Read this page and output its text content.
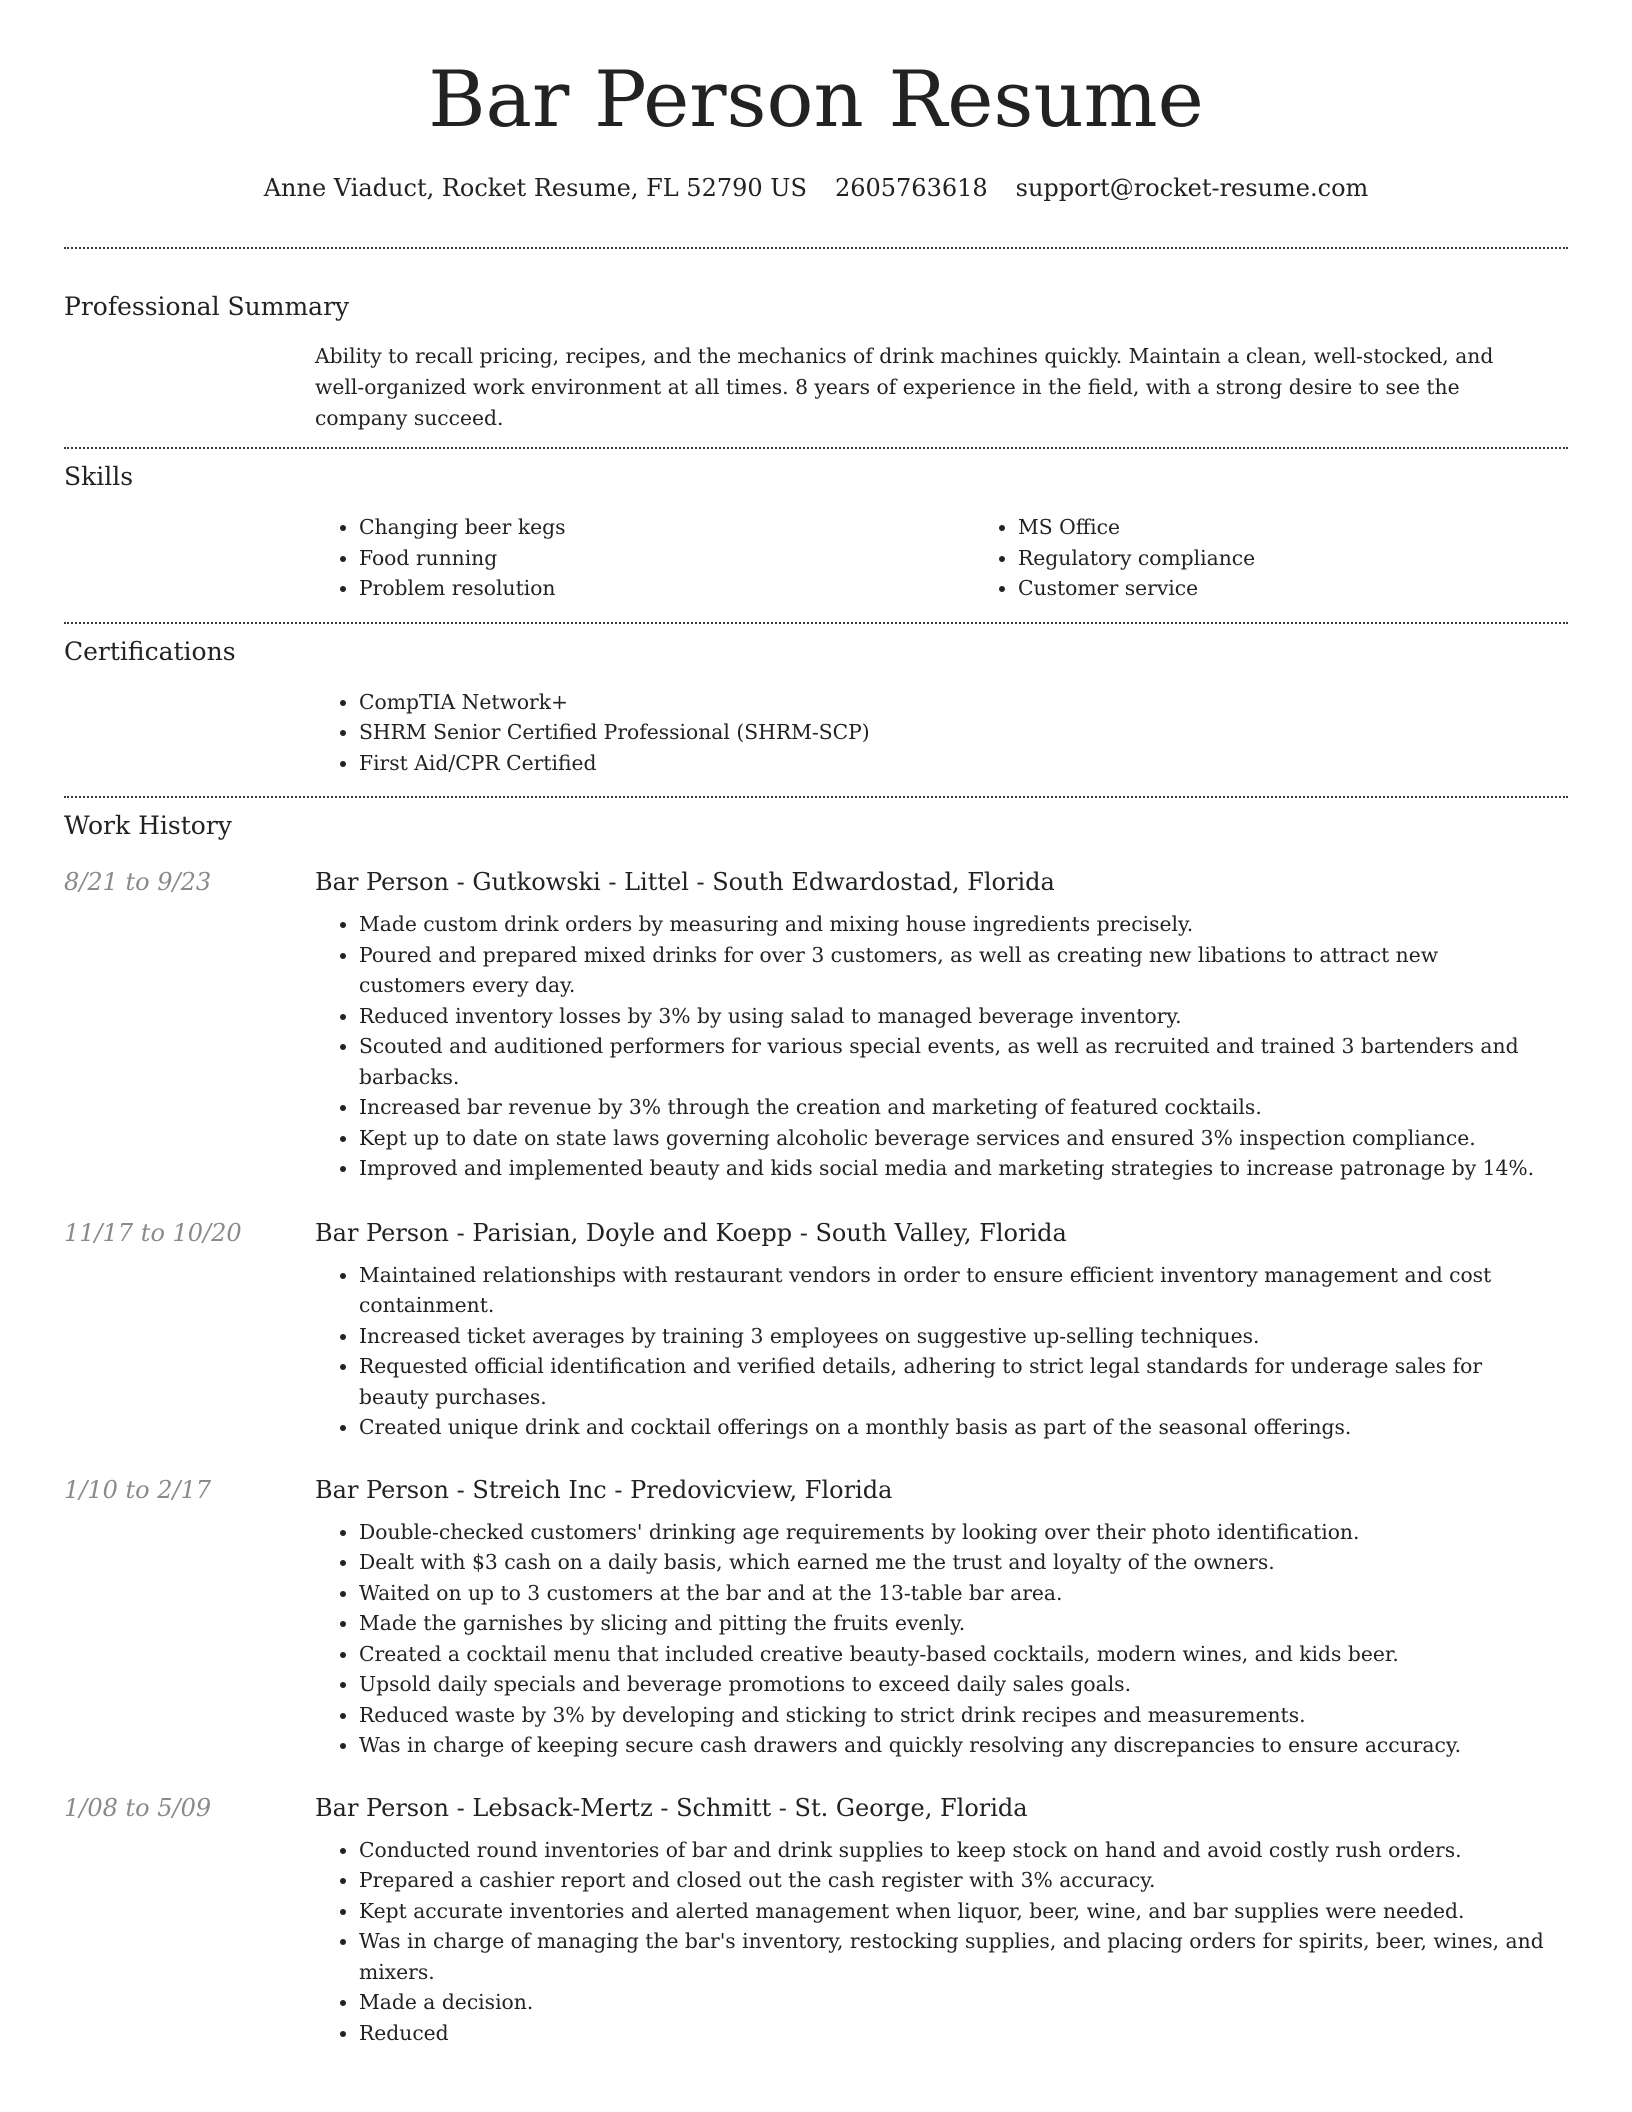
Bar Person Resume
Anne Viaduct, Rocket Resume, FL 52790 US 2605763618 support@rocket-resume.com
Professional Summary

Ability to recall pricing, recipes, and the mechanics of drink machines quickly. Maintain a clean, well-stocked, and well-organized work environment at all times. 8 years of experience in the field, with a strong desire to see the company succeed.

Skills
• Changing beer kegs
• Food running
• Problem resolution
• MS Office
• Regulatory compliance
• Customer service
Certifications
• CompTIA Network+
• SHRM Senior Certified Professional (SHRM-SCP)
• First Aid/CPR Certified
Work History
8/21 to 9/23	Bar Person - Gutkowski - Littel - South Edwardostad, Florida
• Made custom drink orders by measuring and mixing house ingredients precisely.
• Poured and prepared mixed drinks for over 3 customers, as well as creating new libations to attract new customers every day.
• Reduced inventory losses by 3% by using salad to managed beverage inventory.
• Scouted and auditioned performers for various special events, as well as recruited and trained 3 bartenders and barbacks.
• Increased bar revenue by 3% through the creation and marketing of featured cocktails.
• Kept up to date on state laws governing alcoholic beverage services and ensured 3% inspection compliance.
• Improved and implemented beauty and kids social media and marketing strategies to increase patronage by 14%.
11/17 to 10/20	Bar Person - Parisian, Doyle and Koepp - South Valley, Florida
• Maintained relationships with restaurant vendors in order to ensure efficient inventory management and cost containment.
• Increased ticket averages by training 3 employees on suggestive up-selling techniques.
• Requested official identification and verified details, adhering to strict legal standards for underage sales for beauty purchases.
• Created unique drink and cocktail offerings on a monthly basis as part of the seasonal offerings.
1/10 to 2/17	Bar Person - Streich Inc - Predovicview, Florida
• Double-checked customers' drinking age requirements by looking over their photo identification.
• Dealt with $3 cash on a daily basis, which earned me the trust and loyalty of the owners.
• Waited on up to 3 customers at the bar and at the 13-table bar area.
• Made the garnishes by slicing and pitting the fruits evenly.
• Created a cocktail menu that included creative beauty-based cocktails, modern wines, and kids beer.
• Upsold daily specials and beverage promotions to exceed daily sales goals.
• Reduced waste by 3% by developing and sticking to strict drink recipes and measurements.
• Was in charge of keeping secure cash drawers and quickly resolving any discrepancies to ensure accuracy.
1/08 to 5/09	Bar Person - Lebsack-Mertz - Schmitt - St. George, Florida
• Conducted round inventories of bar and drink supplies to keep stock on hand and avoid costly rush orders.
• Prepared a cashier report and closed out the cash register with 3% accuracy.
• Kept accurate inventories and alerted management when liquor, beer, wine, and bar supplies were needed.
• Was in charge of managing the bar's inventory, restocking supplies, and placing orders for spirits, beer, wines, and mixers.
• Made a decision.
• Reduced
